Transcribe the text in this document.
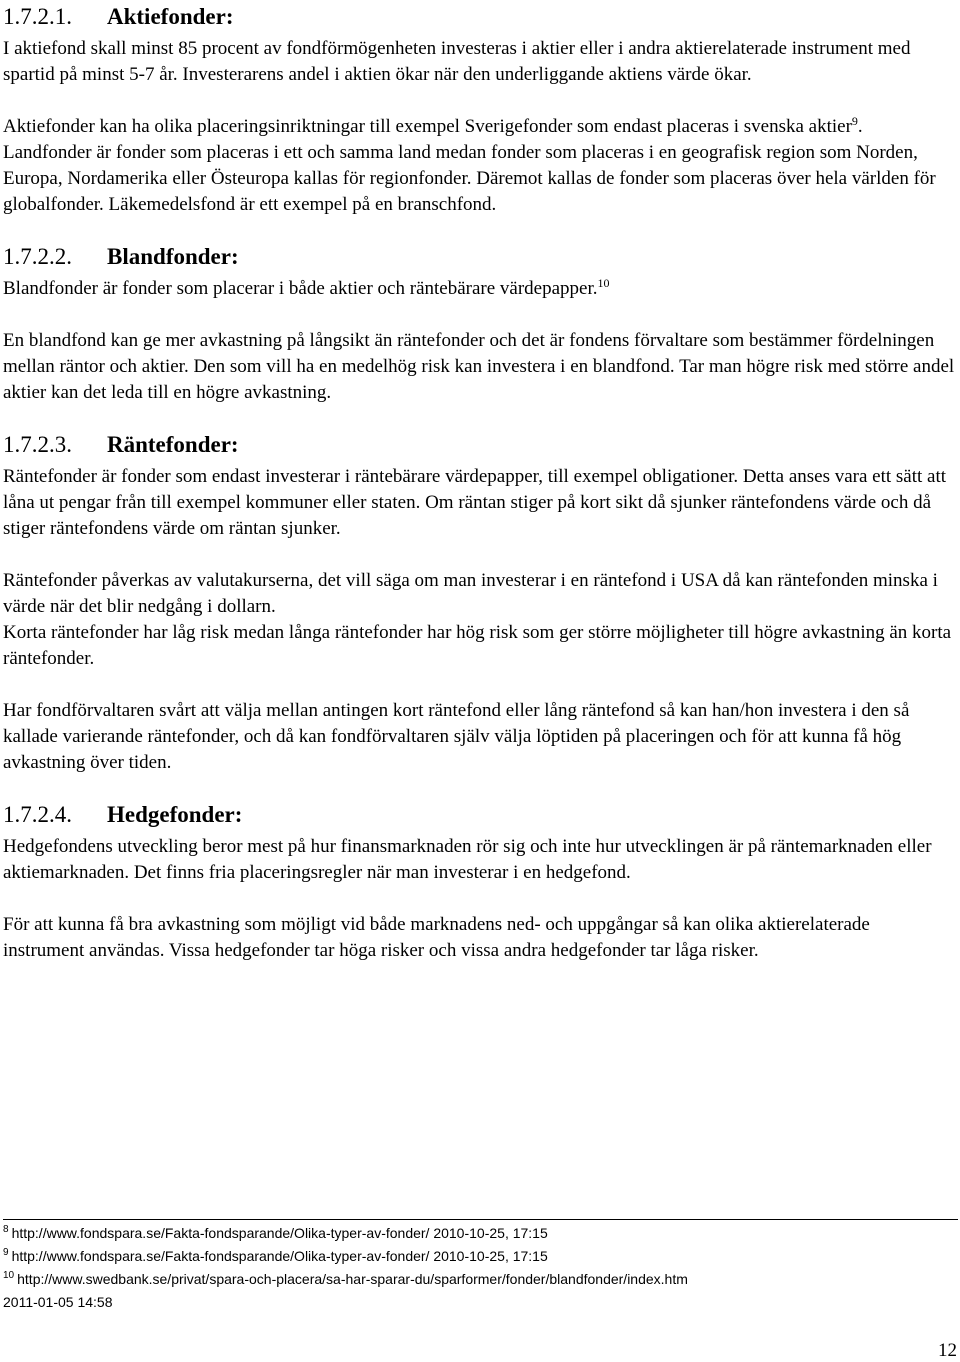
1.7.2.1.	Aktiefonder:

I aktiefond skall minst 85 procent av fondförmögenheten investeras i aktier eller i andra aktierelaterade instrument med spartid på minst 5-7 år. Investerarens andel i aktien ökar när den underliggande aktiens värde ökar.

Aktiefonder kan ha olika placeringsinriktningar till exempel Sverigefonder som endast placeras i svenska aktier$^9$. Landfonder är fonder som placeras i ett och samma land medan fonder som placeras i en geografisk region som Norden, Europa, Nordamerika eller Östeuropa kallas för regionfonder. Däremot kallas de fonder som placeras över hela världen för globalfonder. Läkemedelsfond är ett exempel på en branschfond.

1.7.2.2.	Blandfonder:

Blandfonder är fonder som placerar i både aktier och räntebärare värdepapper.$^{10}$

En blandfond kan ge mer avkastning på långsikt än räntefonder och det är fondens förvaltare som bestämmer fördelningen mellan räntor och aktier. Den som vill ha en medelhög risk kan investera i en blandfond. Tar man högre risk med större andel aktier kan det leda till en högre avkastning.

1.7.2.3.	Räntefonder:

Räntefonder är fonder som endast investerar i räntebärare värdepapper, till exempel obligationer. Detta anses vara ett sätt att låna ut pengar från till exempel kommuner eller staten. Om räntan stiger på kort sikt då sjunker räntefondens värde och då stiger räntefondens värde om räntan sjunker.

Räntefonder påverkas av valutakurserna, det vill säga om man investerar i en räntefond i USA då kan räntefonden minska i värde när det blir nedgång i dollarn.

Korta räntefonder har låg risk medan långa räntefonder har hög risk som ger större möjligheter till högre avkastning än korta räntefonder.

Har fondförvaltaren svårt att välja mellan antingen kort räntefond eller lång räntefond så kan han/hon investera i den så kallade varierande räntefonder, och då kan fondförvaltaren själv välja löptiden på placeringen och för att kunna få hög avkastning över tiden.

1.7.2.4.	Hedgefonder:

Hedgefondens utveckling beror mest på hur finansmarknaden rör sig och inte hur utvecklingen är på räntemarknaden eller aktiemarknaden. Det finns fria placeringsregler när man investerar i en hedgefond.

För att kunna få bra avkastning som möjligt vid både marknadens ned- och uppgångar så kan olika aktierelaterade instrument användas. Vissa hedgefonder tar höga risker och vissa andra hedgefonder tar låga risker.

$^8$ http://www.fondspara.se/Fakta-fondsparande/Olika-typer-av-fonder/ 2010-10-25, 17:15
$^9$ http://www.fondspara.se/Fakta-fondsparande/Olika-typer-av-fonder/ 2010-10-25, 17:15
$^{10}$ http://www.swedbank.se/privat/spara-och-placera/sa-har-sparar-du/sparformer/fonder/blandfonder/index.htm
2011-01-05 14:58
12
